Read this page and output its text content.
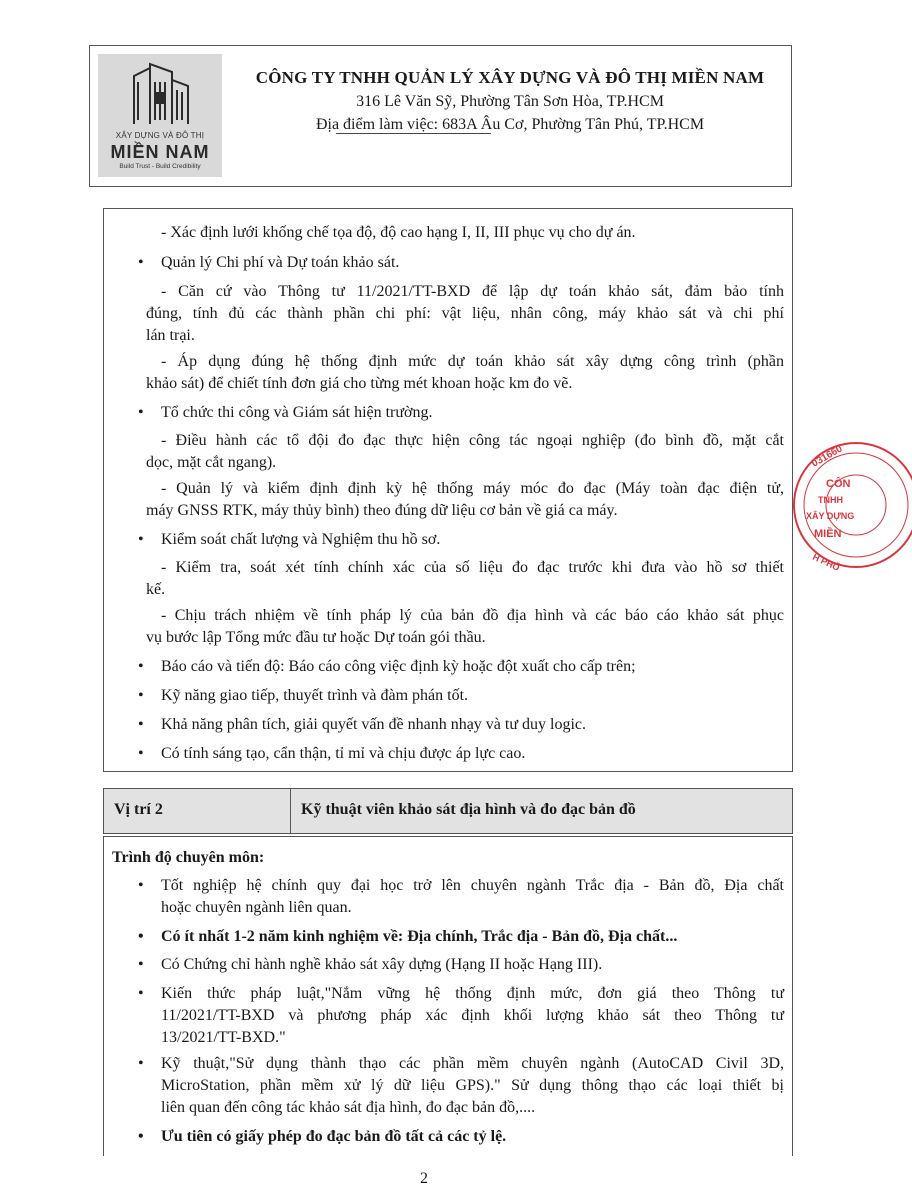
XÂY DỰNG VÀ ĐÔ THỊ
MIỀN NAM
Build Trust - Build Credibility
CÔNG TY TNHH QUẢN LÝ XÂY DỰNG VÀ ĐÔ THỊ MIỀN NAM
316 Lê Văn Sỹ, Phường Tân Sơn Hòa, TP.HCM
Địa điểm làm việc: 683A Âu Cơ, Phường Tân Phú, TP.HCM
- Xác định lưới khống chế tọa độ, độ cao hạng I, II, III phục vụ cho dự án.
• Quản lý Chi phí và Dự toán khảo sát.
- Căn cứ vào Thông tư 11/2021/TT-BXD để lập dự toán khảo sát, đảm bảo tính
đúng, tính đủ các thành phần chi phí: vật liệu, nhân công, máy khảo sát và chi phí
lán trại.
- Áp dụng đúng hệ thống định mức dự toán khảo sát xây dựng công trình (phần
khảo sát) để chiết tính đơn giá cho từng mét khoan hoặc km đo vẽ.
• Tổ chức thi công và Giám sát hiện trường.
- Điều hành các tổ đội đo đạc thực hiện công tác ngoại nghiệp (đo bình đồ, mặt cắt
dọc, mặt cắt ngang).
- Quản lý và kiểm định định kỳ hệ thống máy móc đo đạc (Máy toàn đạc điện tử,
máy GNSS RTK, máy thủy bình) theo đúng dữ liệu cơ bản về giá ca máy.
• Kiểm soát chất lượng và Nghiệm thu hồ sơ.
- Kiểm tra, soát xét tính chính xác của số liệu đo đạc trước khi đưa vào hồ sơ thiết
kế.
- Chịu trách nhiệm về tính pháp lý của bản đồ địa hình và các báo cáo khảo sát phục
vụ bước lập Tổng mức đầu tư hoặc Dự toán gói thầu.
• Báo cáo và tiến độ: Báo cáo công việc định kỳ hoặc đột xuất cho cấp trên;
• Kỹ năng giao tiếp, thuyết trình và đàm phán tốt.
• Khả năng phân tích, giải quyết vấn đề nhanh nhạy và tư duy logic.
• Có tính sáng tạo, cẩn thận, tỉ mỉ và chịu được áp lực cao.
Vị trí 2	Kỹ thuật viên khảo sát địa hình và đo đạc bản đồ
Trình độ chuyên môn:
• Tốt nghiệp hệ chính quy đại học trở lên chuyên ngành Trắc địa - Bản đồ, Địa chất
hoặc chuyên ngành liên quan.
• Có ít nhất 1-2 năm kinh nghiệm về: Địa chính, Trắc địa - Bản đồ, Địa chất...
• Có Chứng chỉ hành nghề khảo sát xây dựng (Hạng II hoặc Hạng III).
• Kiến thức pháp luật,"Nắm vững hệ thống định mức, đơn giá theo Thông tư
11/2021/TT-BXD và phương pháp xác định khối lượng khảo sát theo Thông tư
13/2021/TT-BXD."
• Kỹ thuật,"Sử dụng thành thạo các phần mềm chuyên ngành (AutoCAD Civil 3D,
MicroStation, phần mềm xử lý dữ liệu GPS)." Sử dụng thông thạo các loại thiết bị
liên quan đến công tác khảo sát địa hình, đo đạc bản đồ,....
• Ưu tiên có giấy phép đo đạc bản đồ tất cả các tỷ lệ.
031660
CÔN
TNHH
XÂY DỰNG
MIỀN
H PHỐ
2
